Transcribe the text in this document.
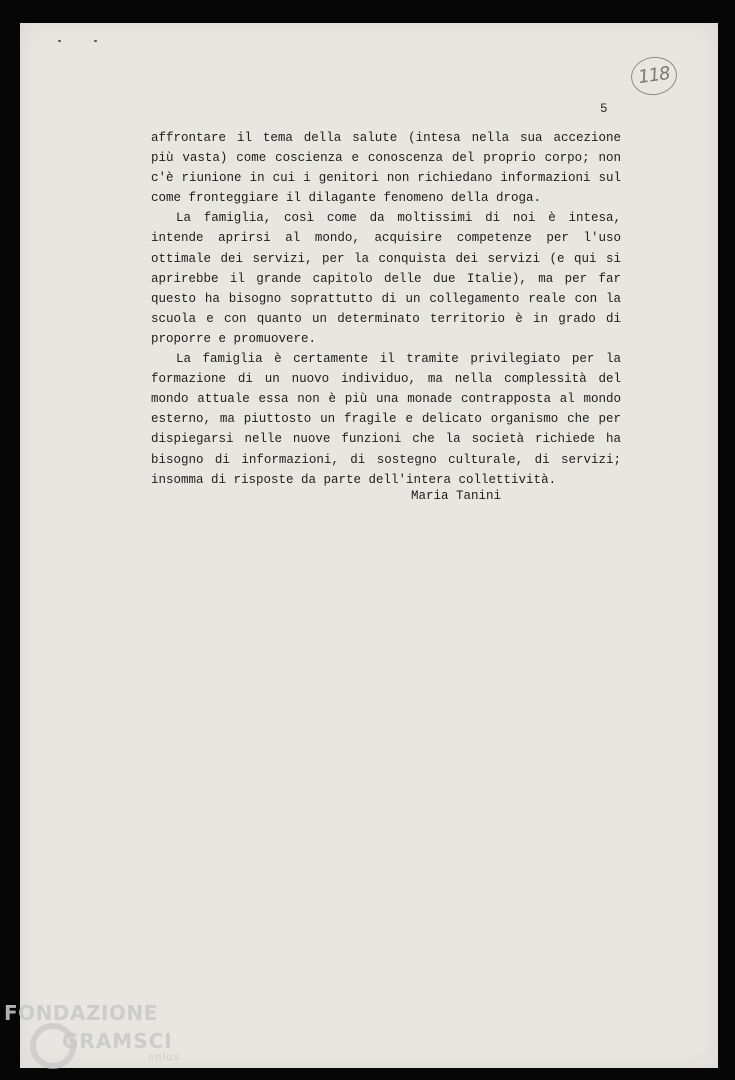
118
5

affrontare il tema della salute (intesa nella sua accezione più vasta) come coscienza e conoscenza del proprio corpo; non c'è riunione in cui i genitori non richiedano informazioni sul come fronteggiare il dilagante fenomeno della droga.

La famiglia, così come da moltissimi di noi è intesa, intende aprirsi al mondo, acquisire competenze per l'uso ottimale dei servizi, per la conquista dei servizi (e qui si aprirebbe il grande capitolo delle due Italie), ma per far questo ha bisogno soprattutto di un collegamento reale con la scuola e con quanto un determinato territorio è in grado di proporre e promuovere.

La famiglia è certamente il tramite privilegiato per la formazione di un nuovo individuo, ma nella complessità del mondo attuale essa non è più una monade contrapposta al mondo esterno, ma piuttosto un fragile e delicato organismo che per dispiegarsi nelle nuove funzioni che la società richiede ha bisogno di informazioni, di sostegno culturale, di servizi; insomma di risposte da parte dell'intera collettività.

Maria Tanini
FONDAZIONE
GRAMSCI
onlus
